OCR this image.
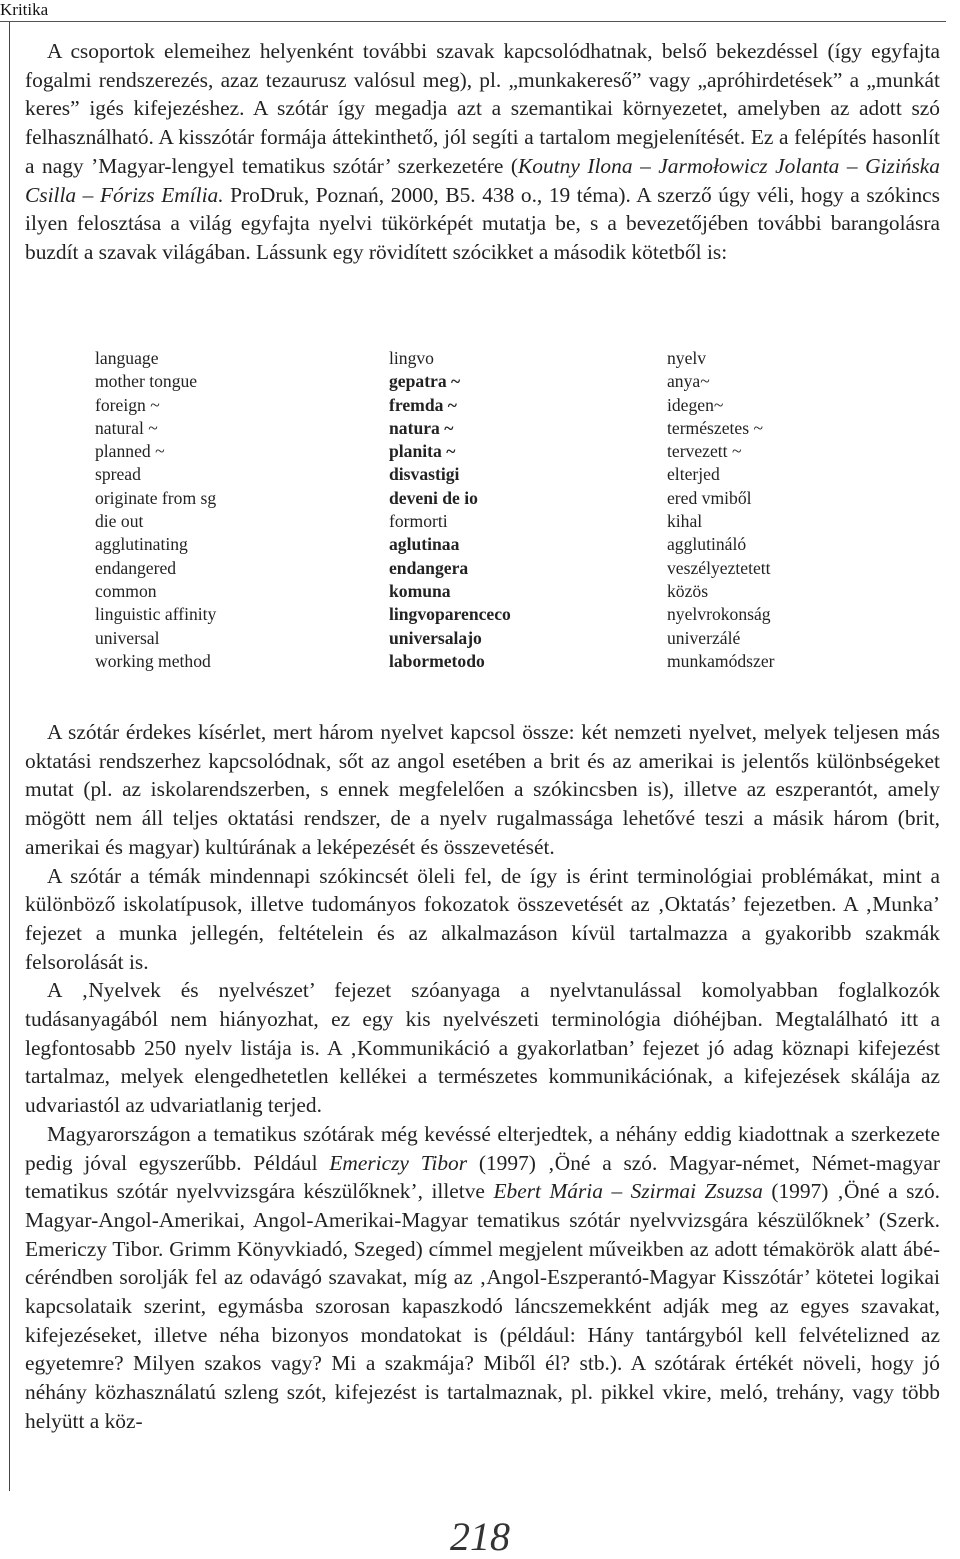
Kritika

A csoportok elemeihez helyenként további szavak kapcsolódhatnak, belső bekezdéssel (így egyfajta fogalmi rendszerezés, azaz tezaurusz valósul meg), pl. „munkakereső” vagy „apróhirdetések” a „munkát keres” igés kifejezéshez. A szótár így megadja azt a szemantikai környezetet, amelyben az adott szó felhasználható. A kisszótár formája áttekinthető, jól segíti a tartalom megjelenítését. Ez a felépítés hasonlít a nagy ’Magyar-lengyel tematikus szótár’ szerkezetére (Koutny Ilona – Jarmołowicz Jolanta – Gizińska Csilla – Fórizs Emília. ProDruk, Poznań, 2000, B5. 438 o., 19 téma). A szerző úgy véli, hogy a szókincs ilyen felosztása a világ egyfajta nyelvi tükörképét mutatja be, s a bevezetőjében további barangolásra buzdít a szavak világában. Lássunk egy rövidített szócikket a második kötetből is:

language	lingvo	nyelv
mother tongue	gepatra ~	anya~
foreign ~	fremda ~	idegen~
natural ~	natura ~	természetes ~
planned ~	planita ~	tervezett ~
spread	disvastigi	elterjed
originate from sg	deveni de io	ered vmiből
die out	formorti	kihal
agglutinating	aglutinaa	agglutináló
endangered	endangera	veszélyeztetett
common	komuna	közös
linguistic affinity	lingvoparenceco	nyelvrokonság
universal	universalajo	univerzálé
working method	labormetodo	munkamódszer

A szótár érdekes kísérlet, mert három nyelvet kapcsol össze: két nemzeti nyelvet, melyek teljesen más oktatási rendszerhez kapcsolódnak, sőt az angol esetében a brit és az amerikai is jelentős különbségeket mutat (pl. az iskolarendszerben, s ennek megfelelően a szókincsben is), illetve az eszperantót, amely mögött nem áll teljes oktatási rendszer, de a nyelv rugalmassága lehetővé teszi a másik három (brit, amerikai és magyar) kultúrának a leképezését és összevetését.

A szótár a témák mindennapi szókincsét öleli fel, de így is érint terminológiai problémákat, mint a különböző iskolatípusok, illetve tudományos fokozatok összevetését az ‚Oktatás’ fejezetben. A ‚Munka’ fejezet a munka jellegén, feltételein és az alkalmazáson kívül tartalmazza a gyakoribb szakmák felsorolását is.

A ‚Nyelvek és nyelvészet’ fejezet szóanyaga a nyelvtanulással komolyabban foglalkozók tudásanyagából nem hiányozhat, ez egy kis nyelvészeti terminológia dióhéjban. Megtalálható itt a legfontosabb 250 nyelv listája is. A ‚Kommunikáció a gyakorlatban’ fejezet jó adag köznapi kifejezést tartalmaz, melyek elengedhetetlen kellékei a természetes kommunikációnak, a kifejezések skálája az udvariastól az udvariatlanig terjed.

Magyarországon a tematikus szótárak még kevéssé elterjedtek, a néhány eddig kiadottnak a szerkezete pedig jóval egyszerűbb. Például Emericzy Tibor (1997) ‚Öné a szó. Magyar-német, Német-magyar tematikus szótár nyelvvizsgára készülőknek’, illetve Ebert Mária – Szirmai Zsuzsa (1997) ‚Öné a szó. Magyar-Angol-Amerikai, Angol-Amerikai-Magyar tematikus szótár nyelvvizsgára készülőknek’ (Szerk. Emericzy Tibor. Grimm Könyvkiadó, Szeged) címmel megjelent műveikben az adott témakörök alatt ábécéréndben sorolják fel az odavágó szavakat, míg az ‚Angol-Eszperantó-Magyar Kisszótár’ kötetei logikai kapcsolataik szerint, egymásba szorosan kapaszkodó láncszemekként adják meg az egyes szavakat, kifejezéseket, illetve néha bizonyos mondatokat is (például: Hány tantárgyból kell felvételizned az egyetemre? Milyen szakos vagy? Mi a szakmája? Miből él? stb.). A szótárak értékét növeli, hogy jó néhány közhasználatú szleng szót, kifejezést is tartalmaznak, pl. pikkel vkire, meló, trehány, vagy több helyütt a köz-

218
